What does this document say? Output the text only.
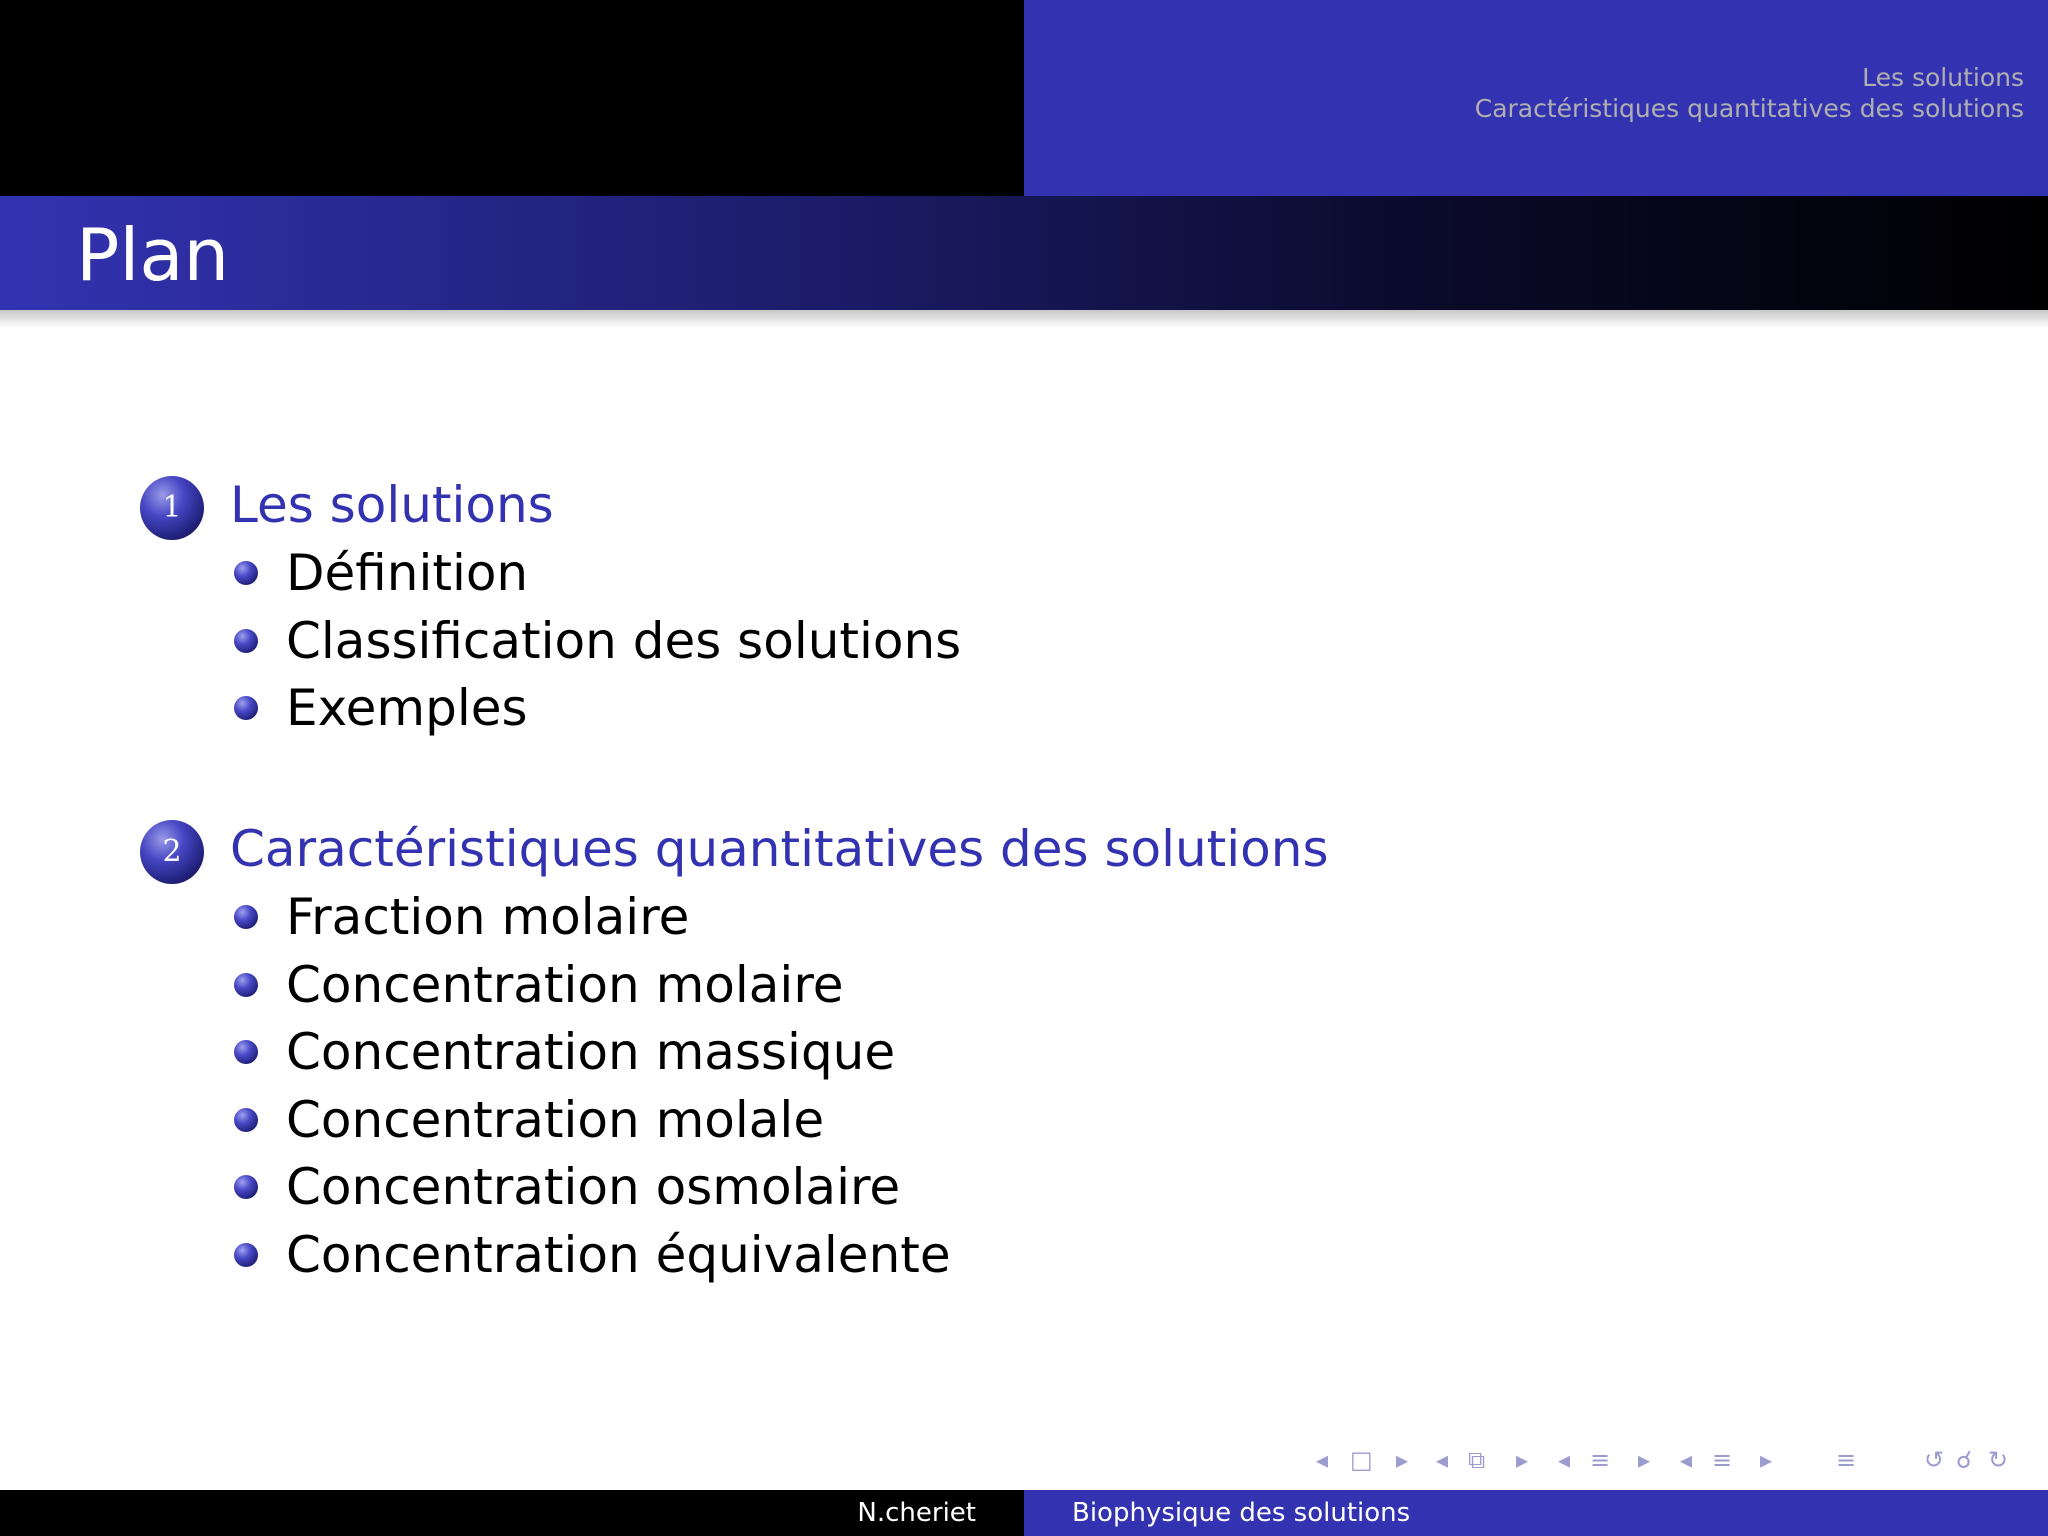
Les solutions
Caractéristiques quantitatives des solutions
Plan
1 Les solutions
Définition
Classification des solutions
Exemples
2 Caractéristiques quantitatives des solutions
Fraction molaire
Concentration molaire
Concentration massique
Concentration molale
Concentration osmolaire
Concentration équivalente
◂ □ ▸ ◂ ⧉ ▸ ◂ ≡ ▸ ◂ ≡ ▸	≡	↺ ☌ ↻
N.cheriet	Biophysique des solutions
